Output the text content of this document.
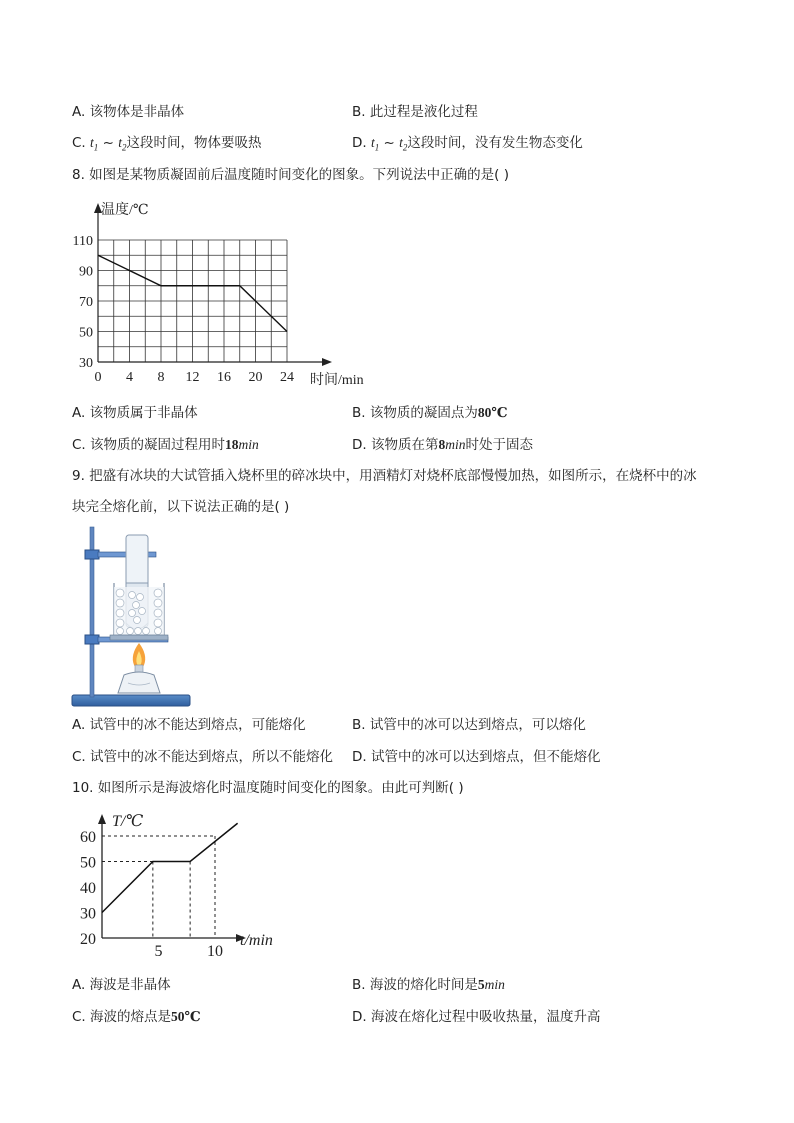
A. 该物体是非晶体	B. 此过程是液化过程
C. $t_1$ ~ $t_2$这段时间，物体要吸热	D. $t_1$ ~ $t_2$这段时间，没有发生物态变化
8. 如图是某物质凝固前后温度随时间变化的图象。下列说法中正确的是( )
0 4 8 12 16 20 24
30
50
70
90
110
温度/℃
时间/min
A. 该物质属于非晶体	B. 该物质的凝固点为80℃
C. 该物质的凝固过程用时18min	D. 该物质在第8min时处于固态
9. 把盛有冰块的大试管插入烧杯里的碎冰块中，用酒精灯对烧杯底部慢慢加热，如图所示，在烧杯中的冰
块完全熔化前，以下说法正确的是( )
A. 试管中的冰不能达到熔点，可能熔化	B. 试管中的冰可以达到熔点，可以熔化
C. 试管中的冰不能达到熔点，所以不能熔化 D. 试管中的冰可以达到熔点，但不能熔化
10. 如图所示是海波熔化时温度随时间变化的图象。由此可判断( )
20
30
40
50
60
5	10
T/℃
t/min
A. 海波是非晶体	B. 海波的熔化时间是5min
C. 海波的熔点是50℃	D. 海波在熔化过程中吸收热量，温度升高
